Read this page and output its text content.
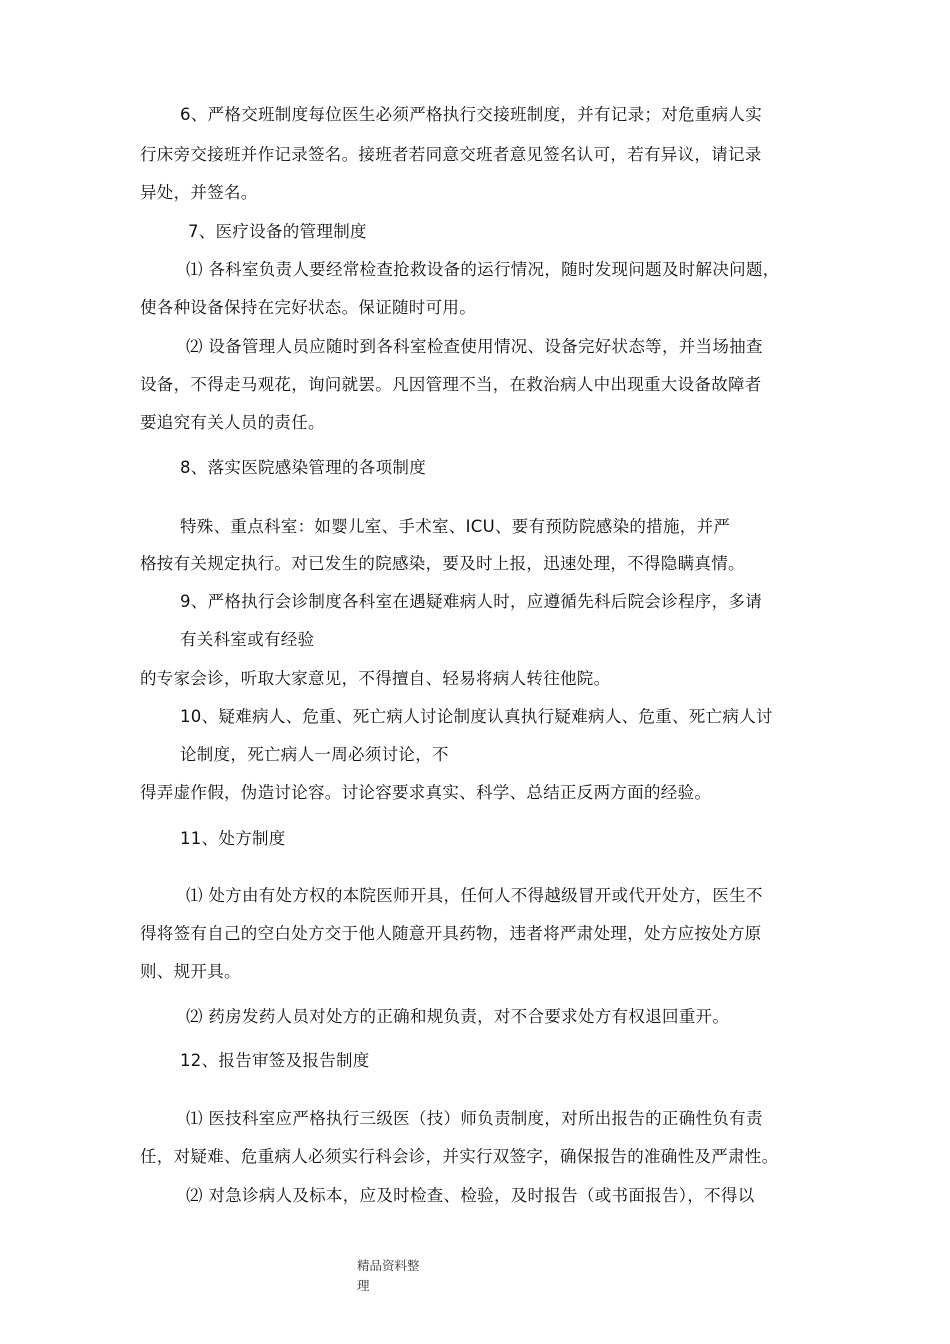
6、严格交班制度每位医生必须严格执行交接班制度，并有记录；对危重病人实
行床旁交接班并作记录签名。接班者若同意交班者意见签名认可，若有异议，请记录
异处，并签名。
7、医疗设备的管理制度
⑴ 各科室负责人要经常检查抢救设备的运行情况，随时发现问题及时解决问题，
使各种设备保持在完好状态。保证随时可用。
⑵ 设备管理人员应随时到各科室检查使用情况、设备完好状态等，并当场抽查
设备，不得走马观花，询问就罢。凡因管理不当，在救治病人中出现重大设备故障者
要追究有关人员的责任。
8、落实医院感染管理的各项制度
特殊、重点科室：如婴儿室、手术室、ICU、要有预防院感染的措施，并严
格按有关规定执行。对已发生的院感染，要及时上报，迅速处理，不得隐瞒真情。
9、严格执行会诊制度各科室在遇疑难病人时，应遵循先科后院会诊程序，多请
有关科室或有经验
的专家会诊，听取大家意见，不得擅自、轻易将病人转往他院。
10、疑难病人、危重、死亡病人讨论制度认真执行疑难病人、危重、死亡病人讨
论制度，死亡病人一周必须讨论，不
得弄虚作假，伪造讨论容。讨论容要求真实、科学、总结正反两方面的经验。
11、处方制度
⑴ 处方由有处方权的本院医师开具，任何人不得越级冒开或代开处方，医生不
得将签有自己的空白处方交于他人随意开具药物，违者将严肃处理，处方应按处方原
则、规开具。
⑵ 药房发药人员对处方的正确和规负责，对不合要求处方有权退回重开。
12、报告审签及报告制度
⑴ 医技科室应严格执行三级医（技）师负责制度，对所出报告的正确性负有责
任，对疑难、危重病人必须实行科会诊，并实行双签字，确保报告的准确性及严肃性。
⑵ 对急诊病人及标本，应及时检查、检验，及时报告（或书面报告），不得以
精品资料整
理
